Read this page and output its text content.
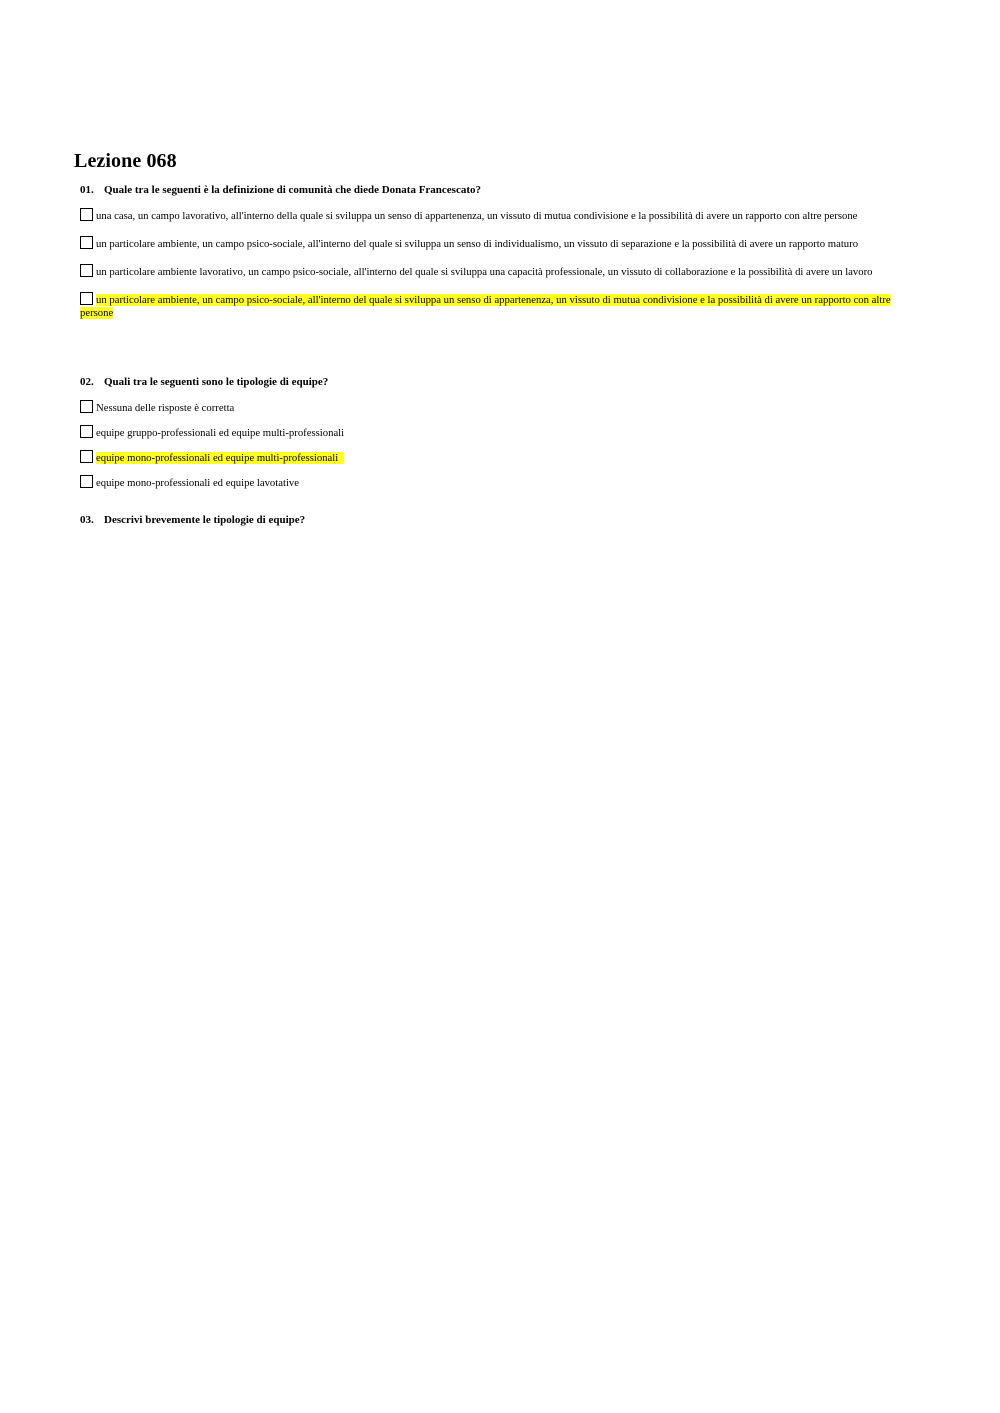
Lezione 068

01. Quale tra le seguenti è la definizione di comunità che diede Donata Francescato?

una casa, un campo lavorativo, all'interno della quale si sviluppa un senso di appartenenza, un vissuto di mutua condivisione e la possibilità di avere un rapporto con altre persone
un particolare ambiente, un campo psico-sociale, all'interno del quale si sviluppa un senso di individualismo, un vissuto di separazione e la possibilità di avere un rapporto maturo
un particolare ambiente lavorativo, un campo psico-sociale, all'interno del quale si sviluppa una capacità professionale, un vissuto di collaborazione e la possibilità di avere un lavoro
un particolare ambiente, un campo psico-sociale, all'interno del quale si sviluppa un senso di appartenenza, un vissuto di mutua condivisione e la possibilità di avere un rapporto con altre persone

02. Quali tra le seguenti sono le tipologie di equipe?

Nessuna delle risposte è corretta
equipe gruppo-professionali ed equipe multi-professionali
equipe mono-professionali ed equipe multi-professionali
equipe mono-professionali ed equipe lavotative

03. Descrivi brevemente le tipologie di equipe?
